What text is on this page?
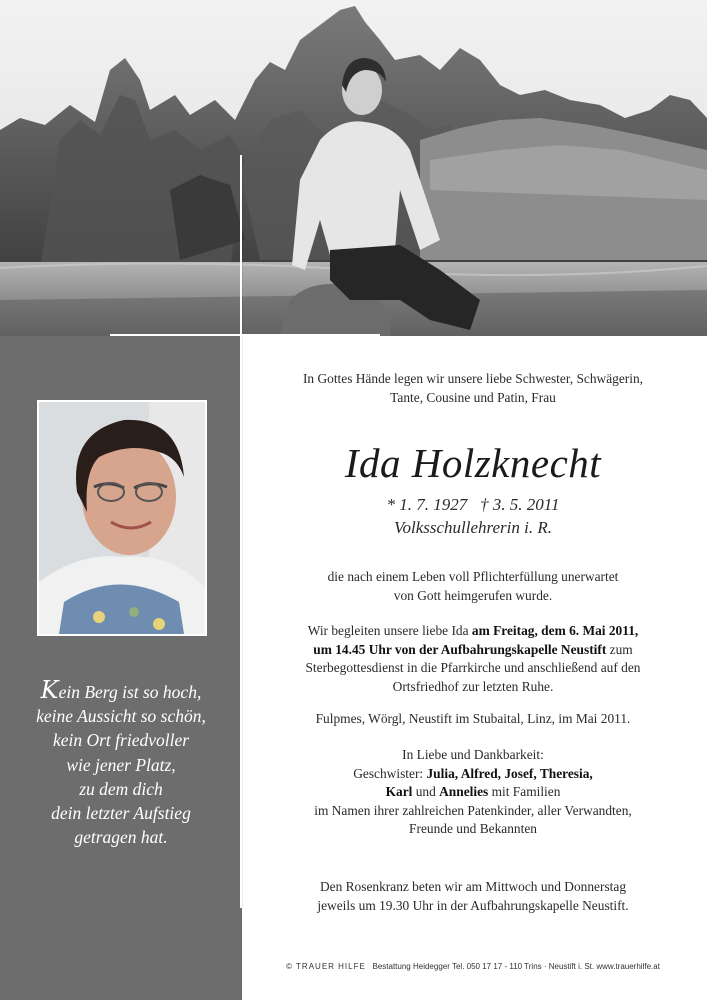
Kein Berg ist so hoch,
keine Aussicht so schön,
kein Ort friedvoller
wie jener Platz,
zu dem dich
dein letzter Aufstieg
getragen hat.
In Gottes Hände legen wir unsere liebe Schwester, Schwägerin,
Tante, Cousine und Patin, Frau
Ida Holzknecht
* 1. 7. 1927   † 3. 5. 2011
Volksschullehrerin i. R.
die nach einem Leben voll Pflichterfüllung unerwartet
von Gott heimgerufen wurde.
Wir begleiten unsere liebe Ida am Freitag, dem 6. Mai 2011,
um 14.45 Uhr von der Aufbahrungskapelle Neustift zum
Sterbegottesdienst in die Pfarrkirche und anschließend auf den
Ortsfriedhof zur letzten Ruhe.
Fulpmes, Wörgl, Neustift im Stubaital, Linz, im Mai 2011.
In Liebe und Dankbarkeit:
Geschwister: Julia, Alfred, Josef, Theresia,
Karl und Annelies mit Familien
im Namen ihrer zahlreichen Patenkinder, aller Verwandten,
Freunde und Bekannten
Den Rosenkranz beten wir am Mittwoch und Donnerstag
jeweils um 19.30 Uhr in der Aufbahrungskapelle Neustift.
© TRAUER HILFE Bestattung Heidegger Tel. 050 17 17 - 110 Trins · Neustift i. St. www.trauerhilfe.at
